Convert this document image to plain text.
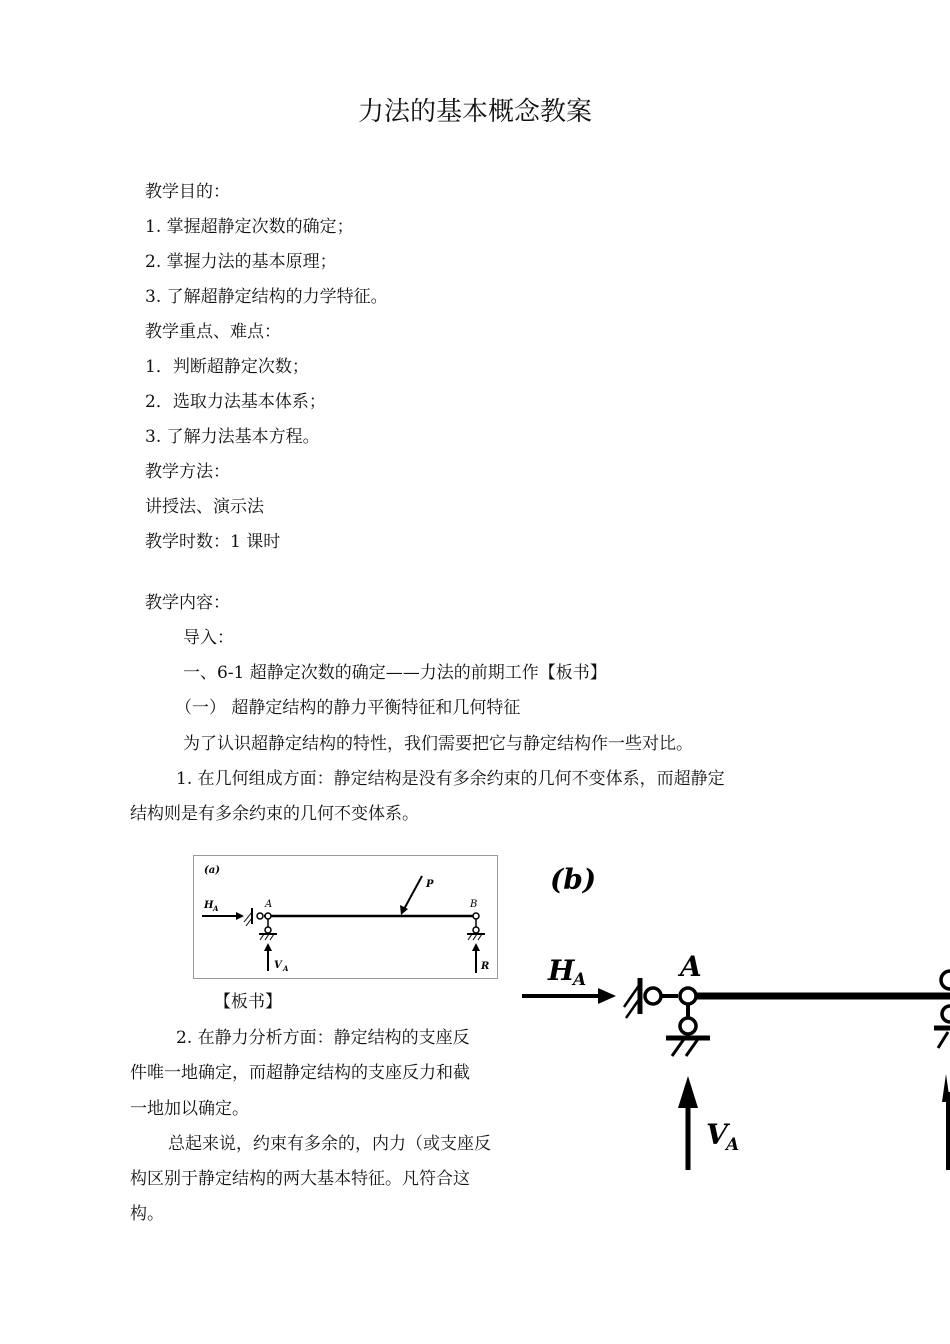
力法的基本概念教案
教学目的：
1. 掌握超静定次数的确定；
2. 掌握力法的基本原理；
3. 了解超静定结构的力学特征。
教学重点、难点：
1．判断超静定次数；
2．选取力法基本体系；
3. 了解力法基本方程。
教学方法：
讲授法、演示法
教学时数：1 课时
教学内容：
导入：
一、6-1 超静定次数的确定——力法的前期工作【板书】
（一） 超静定结构的静力平衡特征和几何特征
为了认识超静定结构的特性，我们需要把它与静定结构作一些对比。
1. 在几何组成方面：静定结构是没有多余约束的几何不变体系，而超静定
结构则是有多余约束的几何不变体系。
(a)
H A	A
V A
P
B
R
【板书】
2. 在静力分析方面：静定结构的支座反
件唯一地确定，而超静定结构的支座反力和截
一地加以确定。
总起来说，约束有多余的，内力（或支座反
构区别于静定结构的两大基本特征。凡符合这
构。
(b)
H
A	A
V
A
